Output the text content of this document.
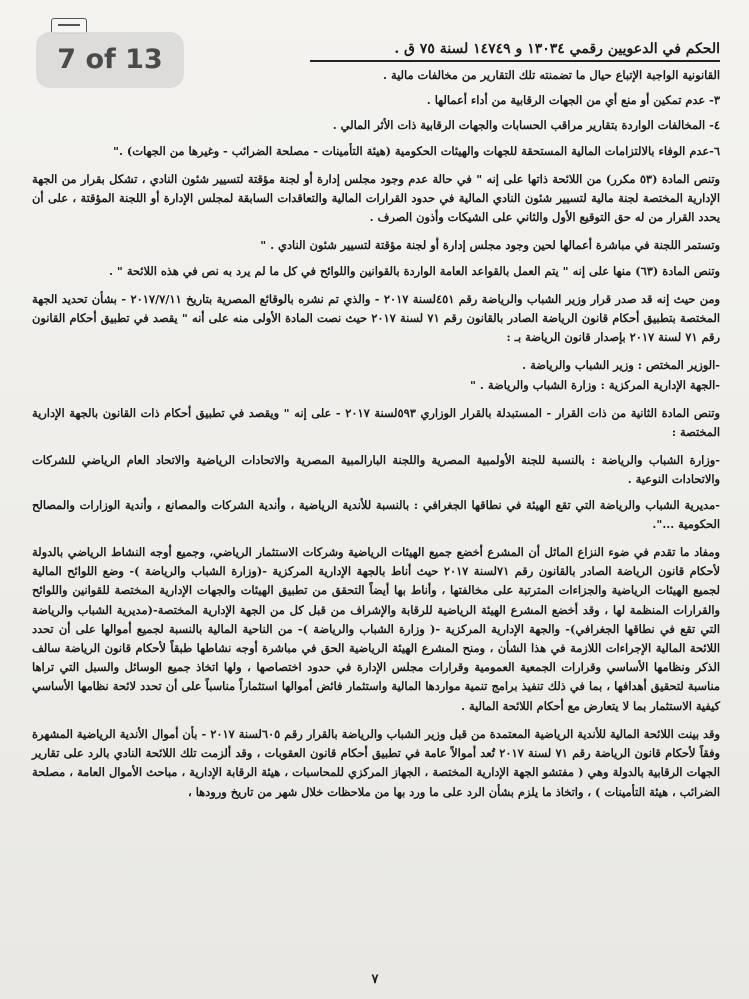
الحكم في الدعويين رقمي ١٣٠٣٤ و ١٤٧٤٩ لسنة ٧٥ ق .

القانونية الواجبة الإتباع حيال ما تضمنته تلك التقارير من مخالفات مالية .

٣- عدم تمكين أو منع أي من الجهات الرقابية من أداء أعمالها .

٤- المخالفات الواردة بتقارير مراقب الحسابات والجهات الرقابية ذات الأثر المالي .

٦-عدم الوفاء بالالتزامات المالية المستحقة للجهات والهيئات الحكومية (هيئة التأمينات - مصلحة الضرائب - وغيرها من الجهات) ."

وتنص المادة (٥٣ مكرر) من اللائحة ذاتها على إنه " في حالة عدم وجود مجلس إدارة أو لجنة مؤقتة لتسيير شئون النادي ، تشكل بقرار من الجهة الإدارية المختصة لجنة مالية لتسيير شئون النادي المالية في حدود القرارات المالية والتعاقدات السابقة لمجلس الإدارة أو اللجنة المؤقتة ، على أن يحدد القرار من له حق التوقيع الأول والثاني على الشيكات وأذون الصرف .

وتستمر اللجنة في مباشرة أعمالها لحين وجود مجلس إدارة أو لجنة مؤقتة لتسيير شئون النادي . "

وتنص المادة (٦٣) منها على إنه " يتم العمل بالقواعد العامة الواردة بالقوانين واللوائح في كل ما لم يرد به نص في هذه اللائحة " .

ومن حيث إنه قد صدر قرار وزير الشباب والرياضة رقم ٤٥١لسنة ٢٠١٧ - والذي تم نشره بالوقائع المصرية بتاريخ ٢٠١٧/٧/١١ - بشأن تحديد الجهة المختصة بتطبيق أحكام قانون الرياضة الصادر بالقانون رقم ٧١ لسنة ٢٠١٧ حيث نصت المادة الأولى منه على أنه " يقصد في تطبيق أحكام القانون رقم ٧١ لسنة ٢٠١٧ بإصدار قانون الرياضة بـ :

-الوزير المختص : وزير الشباب والرياضة .

-الجهة الإدارية المركزية : وزارة الشباب والرياضة . "

وتنص المادة الثانية من ذات القرار - المستبدلة بالقرار الوزاري ٥٩٣لسنة ٢٠١٧ - على إنه " ويقصد في تطبيق أحكام ذات القانون بالجهة الإدارية المختصة :

-وزارة الشباب والرياضة : بالنسبة للجنة الأولمبية المصرية واللجنة البارالمبية المصرية والاتحادات الرياضية والاتحاد العام الرياضي للشركات والاتحادات النوعية .

-مديرية الشباب والرياضة التي تقع الهيئة في نطاقها الجغرافي : بالنسبة للأندية الرياضية ، وأندية الشركات والمصانع ، وأندية الوزارات والمصالح الحكومية ...".

ومفاد ما تقدم في ضوء النزاع الماثل أن المشرع أخضع جميع الهيئات الرياضية وشركات الاستثمار الرياضي، وجميع أوجه النشاط الرياضي بالدولة لأحكام قانون الرياضة الصادر بالقانون رقم ٧١لسنة ٢٠١٧ حيث أناط بالجهة الإدارية المركزية -(وزارة الشباب والرياضة )- وضع اللوائح المالية لجميع الهيئات الرياضية والجزاءات المترتبة على مخالفتها ، وأناط بها أيضاً التحقق من تطبيق الهيئات والجهات الإدارية المختصة للقوانين واللوائح والقرارات المنظمة لها ، وقد أخضع المشرع الهيئة الرياضية للرقابة والإشراف من قبل كل من الجهة الإدارية المختصة-(مديرية الشباب والرياضة التي تقع في نطاقها الجغرافي)- والجهة الإدارية المركزية -( وزارة الشباب والرياضة )- من الناحية المالية بالنسبة لجميع أموالها على أن تحدد اللائحة المالية الإجراءات اللازمة في هذا الشأن ، ومنح المشرع الهيئة الرياضية الحق في مباشرة أوجه نشاطها طبقاً لأحكام قانون الرياضة سالف الذكر ونظامها الأساسي وقرارات الجمعية العمومية وقرارات مجلس الإدارة في حدود اختصاصها ، ولها اتخاذ جميع الوسائل والسبل التي تراها مناسبة لتحقيق أهدافها ، بما في ذلك تنفيذ برامج تنمية مواردها المالية واستثمار فائض أموالها استثماراً مناسباً على أن تحدد لائحة نظامها الأساسي كيفية الاستثمار بما لا يتعارض مع أحكام اللائحة المالية .

وقد بينت اللائحة المالية للأندية الرياضية المعتمدة من قبل وزير الشباب والرياضة بالقرار رقم ٦٠٥لسنة ٢٠١٧ - بأن أموال الأندية الرياضية المشهرة وفقاً لأحكام قانون الرياضة رقم ٧١ لسنة ٢٠١٧ تُعد أموالاً عامة في تطبيق أحكام قانون العقوبات ، وقد ألزمت تلك اللائحة النادي بالرد على تقارير الجهات الرقابية بالدولة وهي ( مفتشو الجهة الإدارية المختصة ، الجهاز المركزي للمحاسبات ، هيئة الرقابة الإدارية ، مباحث الأموال العامة ، مصلحة الضرائب ، هيئة التأمينات ) ، واتخاذ ما يلزم بشأن الرد على ما ورد بها من ملاحظات خلال شهر من تاريخ ورودها ،

٧
7 of 13
